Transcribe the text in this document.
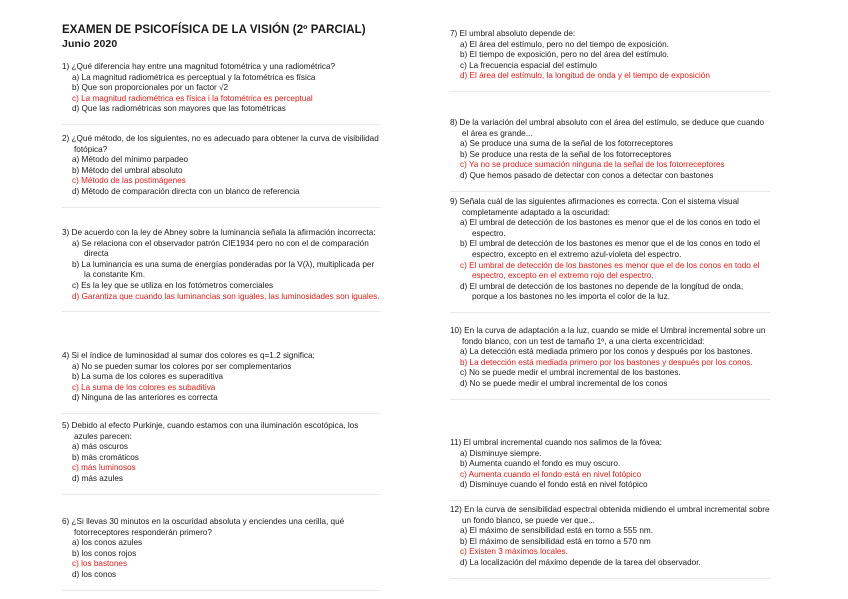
EXAMEN DE PSICOFÍSICA DE LA VISIÓN (2º PARCIAL)
Junio 2020
1) ¿Qué diferencia hay entre una magnitud fotométrica y una radiométrica?
a) La magnitud radiométrica es perceptual y la fotométrica es física
b) Que son proporcionales por un factor √2
c) La magnitud radiométrica es física i la fotométrica es perceptual
d) Que las radiométricas son mayores que las fotométricas
2) ¿Qué método, de los siguientes, no es adecuado para obtener la curva de visibilidad fotópica?
a) Método del mínimo parpadeo
b) Método del umbral absoluto
c) Método de las postimágenes
d) Método de comparación directa con un blanco de referencia
3) De acuerdo con la ley de Abney sobre la luminancia señala la afirmación incorrecta:
a) Se relaciona con el observador patrón CIE1934 pero no con el de comparación directa
b) La luminancia es una suma de energías ponderadas por la V(λ), multiplicada per la constante Km.
c) Es la ley que se utiliza en los fotómetros comerciales
d) Garantiza que cuando las luminancias son iguales, las luminosidades son iguales.
4) Si el índice de luminosidad al sumar dos colores es q=1.2 significa:
a) No se pueden sumar los colores por ser complementarios
b) La suma de los colores es superaditiva
c) La suma de los colores es subaditiva
d) Ninguna de las anteriores es correcta
5) Debido al efecto Purkinje, cuando estamos con una iluminación escotópica, los azules parecen:
a) más oscuros
b) más cromáticos
c) más luminosos
d) más azules
6) ¿Si llevas 30 minutos en la oscuridad absoluta y enciendes una cerilla, qué fotorreceptores responderán primero?
a) los conos azules
b) los conos rojos
c) los bastones
d) los conos
7) El umbral absoluto depende de:
a) El área del estímulo, pero no del tiempo de exposición.
b) El tiempo de exposición, pero no del área del estímulo.
c) La frecuencia espacial del estímulo
d) El área del estímulo, la longitud de onda y el tiempo de exposición
8) De la variación del umbral absoluto con el área del estímulo, se deduce que cuando el área es grande...
a) Se produce una suma de la señal de los fotorreceptores
b) Se produce una resta de la señal de los fotorreceptores
c) Ya no se produce sumación ninguna de la señal de los fotorreceptores
d) Que hemos pasado de detectar con conos a detectar con bastones
9) Señala cuál de las siguientes afirmaciones es correcta. Con el sistema visual completamente adaptado a la oscuridad:
a) El umbral de detección de los bastones es menor que el de los conos en todo el espectro.
b) El umbral de detección de los bastones es menor que el de los conos en todo el espectro, excepto en el extremo azul-violeta del espectro.
c) El umbral de detección de los bastones es menor que el de los conos en todo el espectro, excepto en el extremo rojo del espectro.
d) El umbral de detección de los bastones no depende de la longitud de onda, porque a los bastones no les importa el color de la luz.
10) En la curva de adaptación a la luz, cuando se mide el Umbral incremental sobre un fondo blanco, con un test de tamaño 1º, a una cierta excentricidad:
a) La detección está mediada primero por los conos y después por los bastones.
b) La detección está mediada primero por los bastones y después por los conos.
c) No se puede medir el umbral incremental de los bastones.
d) No se puede medir el umbral incremental de los conos
11) El umbral incremental cuando nos salimos de la fóvea:
a) Disminuye siempre.
b) Aumenta cuando el fondo es muy oscuro.
c) Aumenta cuando el fondo está en nivel fotópico
d) Disminuye cuando el fondo está en nivel fotópico
12) En la curva de sensibilidad espectral obtenida midiendo el umbral incremental sobre un fondo blanco, se puede ver que...
a) El máximo de sensibilidad está en torno a 555 nm.
b) El máximo de sensibilidad está en torno a 570 nm
c) Existen 3 máximos locales.
d) La localización del máximo depende de la tarea del observador.
